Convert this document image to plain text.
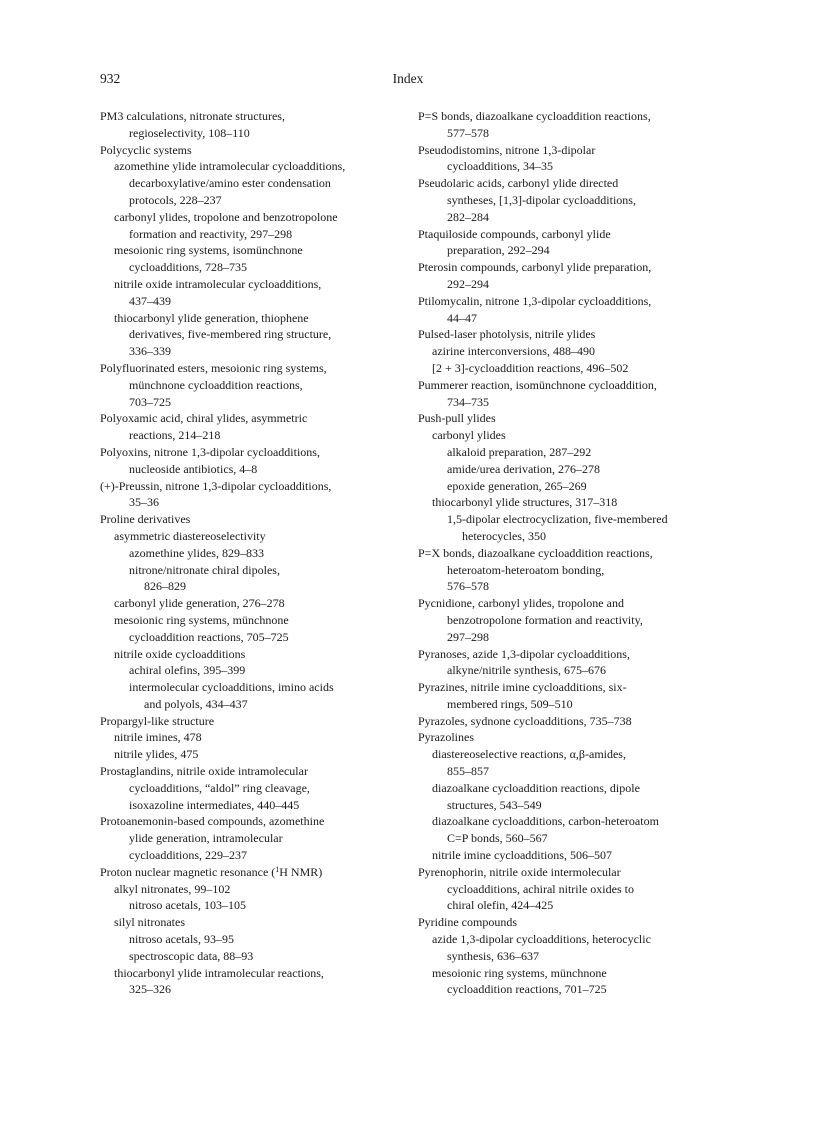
932	Index
PM3 calculations, nitronate structures,
regioselectivity, 108–110
Polycyclic systems
azomethine ylide intramolecular cycloadditions,
decarboxylative/amino ester condensation
protocols, 228–237
carbonyl ylides, tropolone and benzotropolone
formation and reactivity, 297–298
mesoionic ring systems, isomünchnone
cycloadditions, 728–735
nitrile oxide intramolecular cycloadditions,
437–439
thiocarbonyl ylide generation, thiophene
derivatives, five-membered ring structure,
336–339
Polyfluorinated esters, mesoionic ring systems,
münchnone cycloaddition reactions,
703–725
Polyoxamic acid, chiral ylides, asymmetric
reactions, 214–218
Polyoxins, nitrone 1,3-dipolar cycloadditions,
nucleoside antibiotics, 4–8
(+)-Preussin, nitrone 1,3-dipolar cycloadditions,
35–36
Proline derivatives
asymmetric diastereoselectivity
azomethine ylides, 829–833
nitrone/nitronate chiral dipoles,
826–829
carbonyl ylide generation, 276–278
mesoionic ring systems, münchnone
cycloaddition reactions, 705–725
nitrile oxide cycloadditions
achiral olefins, 395–399
intermolecular cycloadditions, imino acids
and polyols, 434–437
Propargyl-like structure
nitrile imines, 478
nitrile ylides, 475
Prostaglandins, nitrile oxide intramolecular
cycloadditions, “aldol” ring cleavage,
isoxazoline intermediates, 440–445
Protoanemonin-based compounds, azomethine
ylide generation, intramolecular
cycloadditions, 229–237
Proton nuclear magnetic resonance ($^1$H NMR)
alkyl nitronates, 99–102
nitroso acetals, 103–105
silyl nitronates
nitroso acetals, 93–95
spectroscopic data, 88–93
thiocarbonyl ylide intramolecular reactions,
325–326
P=S bonds, diazoalkane cycloaddition reactions,
577–578
Pseudodistomins, nitrone 1,3-dipolar
cycloadditions, 34–35
Pseudolaric acids, carbonyl ylide directed
syntheses, [1,3]-dipolar cycloadditions,
282–284
Ptaquiloside compounds, carbonyl ylide
preparation, 292–294
Pterosin compounds, carbonyl ylide preparation,
292–294
Ptilomycalin, nitrone 1,3-dipolar cycloadditions,
44–47
Pulsed-laser photolysis, nitrile ylides
azirine interconversions, 488–490
[2 + 3]-cycloaddition reactions, 496–502
Pummerer reaction, isomünchnone cycloaddition,
734–735
Push-pull ylides
carbonyl ylides
alkaloid preparation, 287–292
amide/urea derivation, 276–278
epoxide generation, 265–269
thiocarbonyl ylide structures, 317–318
1,5-dipolar electrocyclization, five-membered
heterocycles, 350
P=X bonds, diazoalkane cycloaddition reactions,
heteroatom-heteroatom bonding,
576–578
Pycnidione, carbonyl ylides, tropolone and
benzotropolone formation and reactivity,
297–298
Pyranoses, azide 1,3-dipolar cycloadditions,
alkyne/nitrile synthesis, 675–676
Pyrazines, nitrile imine cycloadditions, six-
membered rings, 509–510
Pyrazoles, sydnone cycloadditions, 735–738
Pyrazolines
diastereoselective reactions, α,β-amides,
855–857
diazoalkane cycloaddition reactions, dipole
structures, 543–549
diazoalkane cycloadditions, carbon-heteroatom
C=P bonds, 560–567
nitrile imine cycloadditions, 506–507
Pyrenophorin, nitrile oxide intermolecular
cycloadditions, achiral nitrile oxides to
chiral olefin, 424–425
Pyridine compounds
azide 1,3-dipolar cycloadditions, heterocyclic
synthesis, 636–637
mesoionic ring systems, münchnone
cycloaddition reactions, 701–725
